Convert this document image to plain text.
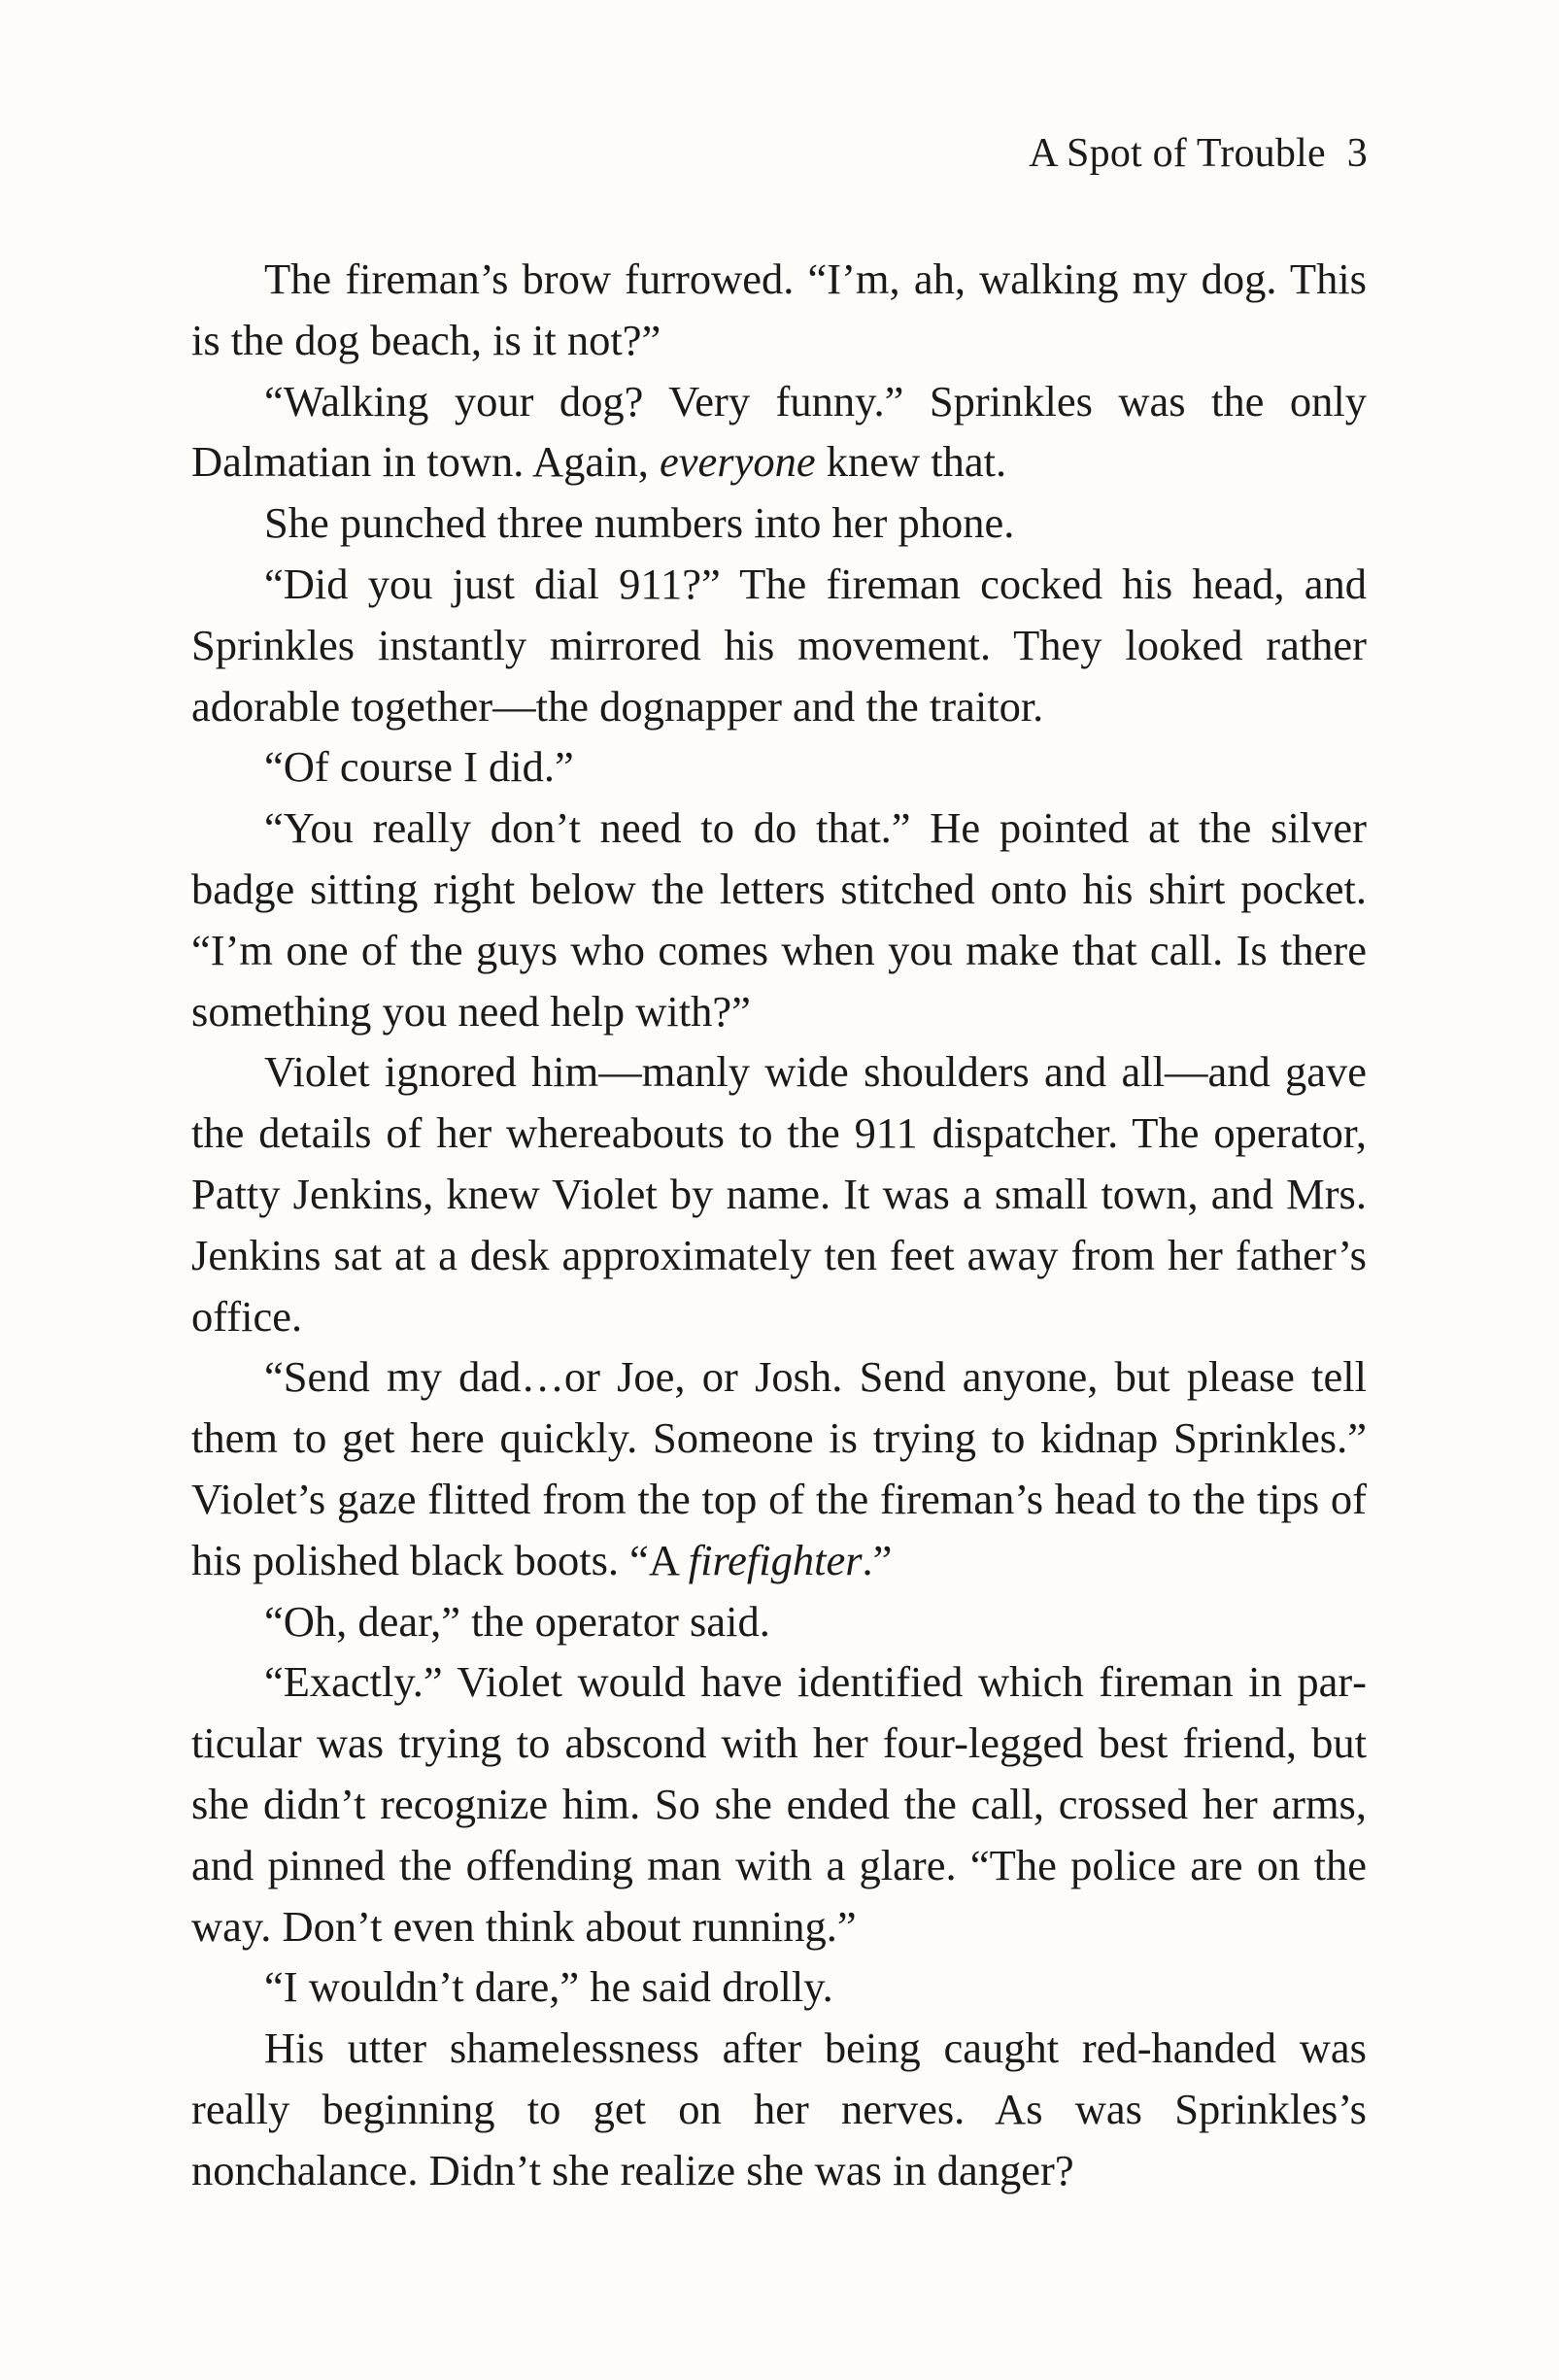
A Spot of Trouble 3

The fireman’s brow furrowed. “I’m, ah, walking my dog. This is the dog beach, is it not?”

“Walking your dog? Very funny.” Sprinkles was the only Dalmatian in town. Again, everyone knew that.

She punched three numbers into her phone.

“Did you just dial 911?” The fireman cocked his head, and Sprinkles instantly mirrored his movement. They looked rather adorable together—the dognapper and the traitor.

“Of course I did.”

“You really don’t need to do that.” He pointed at the silver badge sitting right below the letters stitched onto his shirt pocket. “I’m one of the guys who comes when you make that call. Is there something you need help with?”

Violet ignored him—manly wide shoulders and all—and gave the details of her whereabouts to the 911 dispatcher. The operator, Patty Jenkins, knew Violet by name. It was a small town, and Mrs. Jenkins sat at a desk approximately ten feet away from her father’s office.

“Send my dad…or Joe, or Josh. Send anyone, but please tell them to get here quickly. Someone is trying to kidnap Sprinkles.” Violet’s gaze flitted from the top of the fireman’s head to the tips of his polished black boots. “A firefighter.”

“Oh, dear,” the operator said.

“Exactly.” Violet would have identified which fireman in particular was trying to abscond with her four-legged best friend, but she didn’t recognize him. So she ended the call, crossed her arms, and pinned the offending man with a glare. “The police are on the way. Don’t even think about running.”

“I wouldn’t dare,” he said drolly.

His utter shamelessness after being caught red-handed was really beginning to get on her nerves. As was Sprinkles’s nonchalance. Didn’t she realize she was in danger?
